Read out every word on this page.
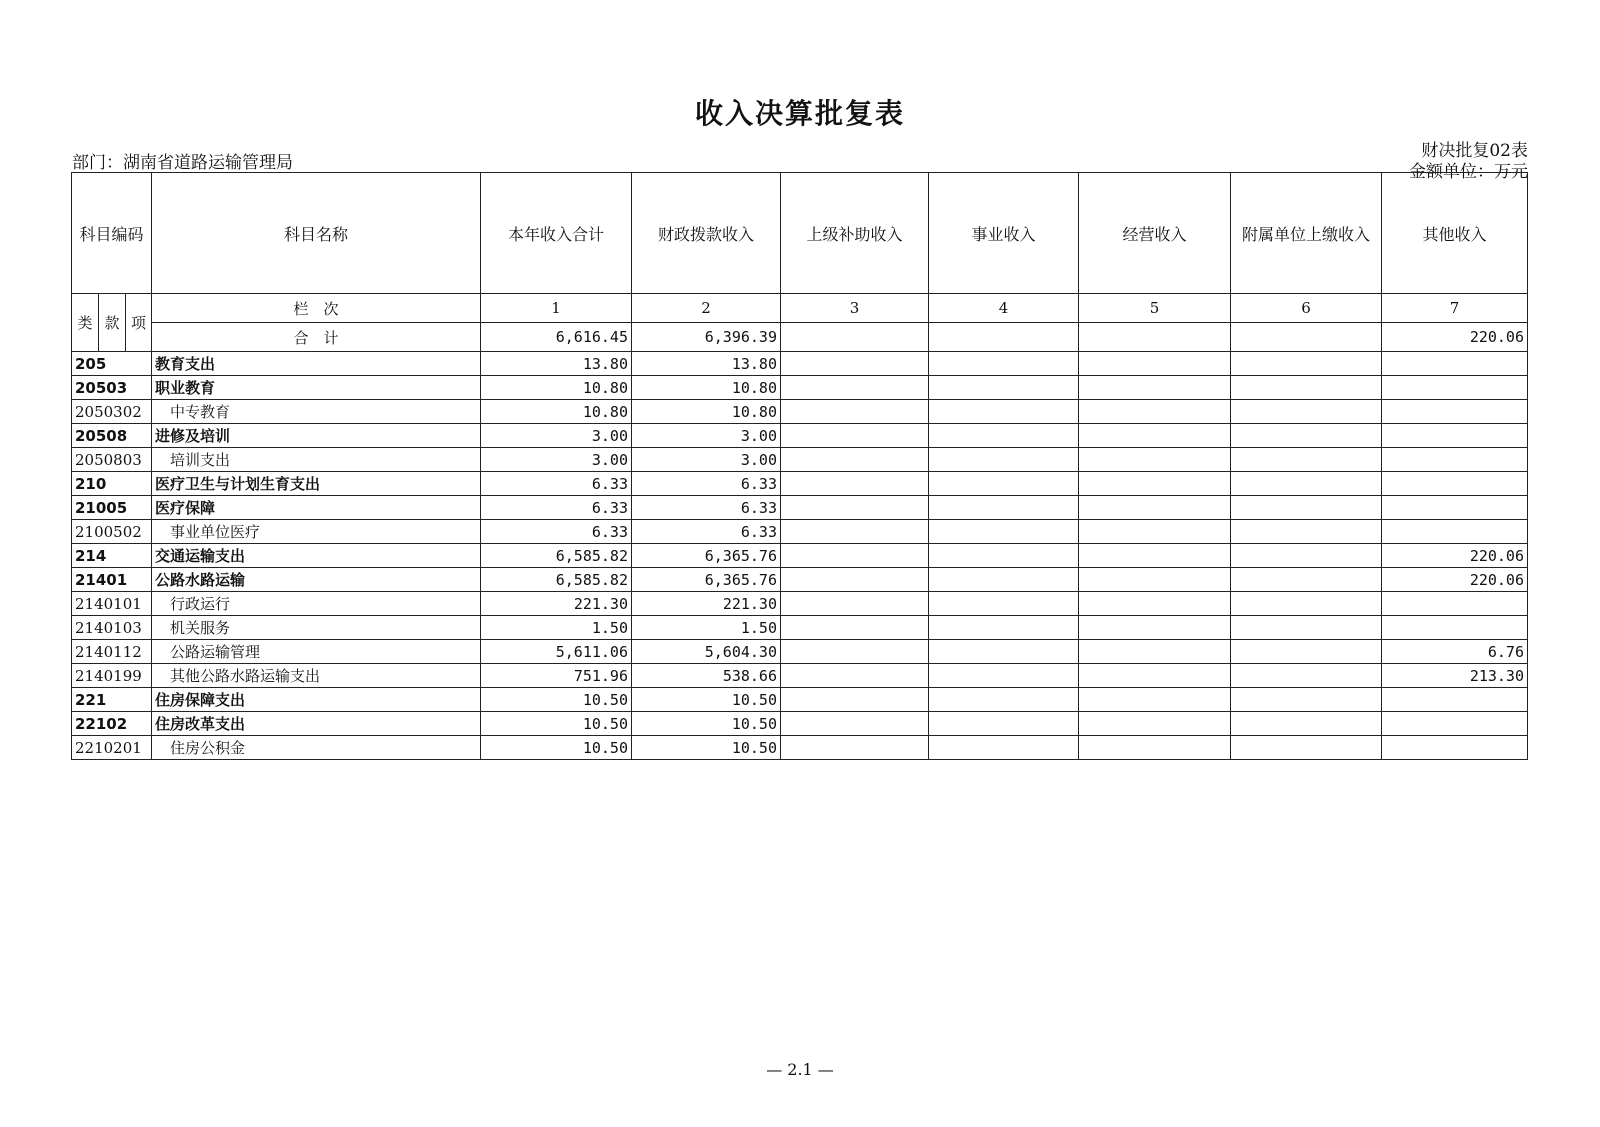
收入决算批复表
部门：湖南省道路运输管理局
财决批复02表
金额单位：万元
科目编码			科目名称	本年收入合计	财政拨款收入	上级补助收入	事业收入	经营收入	附属单位上缴收入	其他收入
类	款	项	栏　次	1	2	3	4	5	6	7
			合　计	6,616.45	6,396.39					220.06
205			教育支出	13.80	13.80					
20503			职业教育	10.80	10.80					
2050302			中专教育	10.80	10.80					
20508			进修及培训	3.00	3.00					
2050803			培训支出	3.00	3.00					
210			医疗卫生与计划生育支出	6.33	6.33					
21005			医疗保障	6.33	6.33					
2100502			事业单位医疗	6.33	6.33					
214			交通运输支出	6,585.82	6,365.76					220.06
21401			公路水路运输	6,585.82	6,365.76					220.06
2140101			行政运行	221.30	221.30					
2140103			机关服务	1.50	1.50					
2140112			公路运输管理	5,611.06	5,604.30					6.76
2140199			其他公路水路运输支出	751.96	538.66					213.30
221			住房保障支出	10.50	10.50					
22102			住房改革支出	10.50	10.50					
2210201			住房公积金	10.50	10.50					
— 2.1 —
